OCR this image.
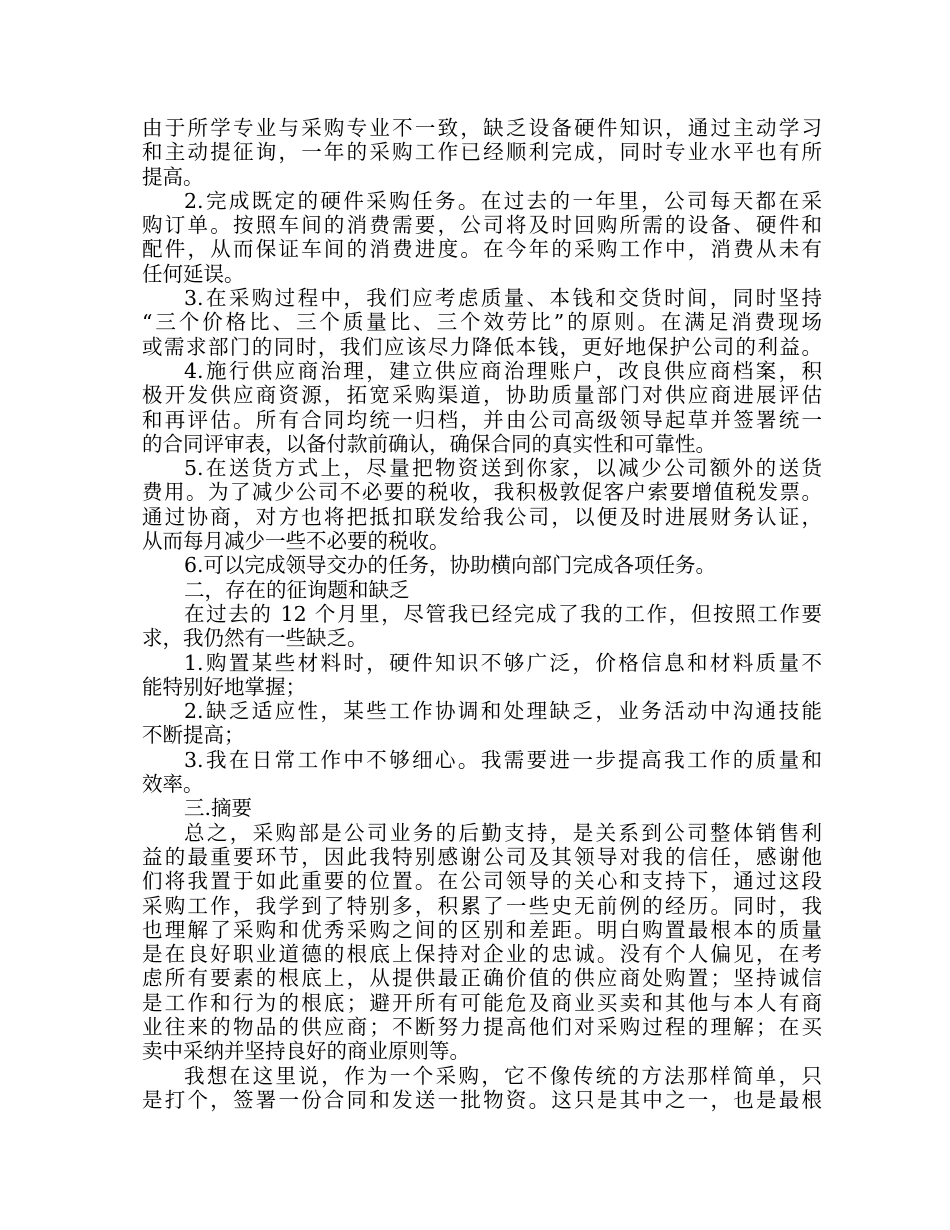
由于所学专业与采购专业不一致，缺乏设备硬件知识，通过主动学习
和主动提征询，一年的采购工作已经顺利完成，同时专业水平也有所
提高。
2.完成既定的硬件采购任务。在过去的一年里，公司每天都在采
购订单。按照车间的消费需要，公司将及时回购所需的设备、硬件和
配件，从而保证车间的消费进度。在今年的采购工作中，消费从未有
任何延误。
3.在采购过程中，我们应考虑质量、本钱和交货时间，同时坚持
“三个价格比、三个质量比、三个效劳比”的原则。在满足消费现场
或需求部门的同时，我们应该尽力降低本钱，更好地保护公司的利益。
4.施行供应商治理，建立供应商治理账户，改良供应商档案，积
极开发供应商资源，拓宽采购渠道，协助质量部门对供应商进展评估
和再评估。所有合同均统一归档，并由公司高级领导起草并签署统一
的合同评审表，以备付款前确认，确保合同的真实性和可靠性。
5.在送货方式上，尽量把物资送到你家，以减少公司额外的送货
费用。为了减少公司不必要的税收，我积极敦促客户索要增值税发票。
通过协商，对方也将把抵扣联发给我公司，以便及时进展财务认证，
从而每月减少一些不必要的税收。
6.可以完成领导交办的任务，协助横向部门完成各项任务。
二，存在的征询题和缺乏
在过去的 12 个月里，尽管我已经完成了我的工作，但按照工作要
求，我仍然有一些缺乏。
1.购置某些材料时，硬件知识不够广泛，价格信息和材料质量不
能特别好地掌握；
2.缺乏适应性，某些工作协调和处理缺乏，业务活动中沟通技能
不断提高；
3.我在日常工作中不够细心。我需要进一步提高我工作的质量和
效率。
三.摘要
总之，采购部是公司业务的后勤支持，是关系到公司整体销售利
益的最重要环节，因此我特别感谢公司及其领导对我的信任，感谢他
们将我置于如此重要的位置。在公司领导的关心和支持下，通过这段
采购工作，我学到了特别多，积累了一些史无前例的经历。同时，我
也理解了采购和优秀采购之间的区别和差距。明白购置最根本的质量
是在良好职业道德的根底上保持对企业的忠诚。没有个人偏见，在考
虑所有要素的根底上，从提供最正确价值的供应商处购置；坚持诚信
是工作和行为的根底；避开所有可能危及商业买卖和其他与本人有商
业往来的物品的供应商；不断努力提高他们对采购过程的理解；在买
卖中采纳并坚持良好的商业原则等。
我想在这里说，作为一个采购，它不像传统的方法那样简单，只
是打个，签署一份合同和发送一批物资。这只是其中之一，也是最根
